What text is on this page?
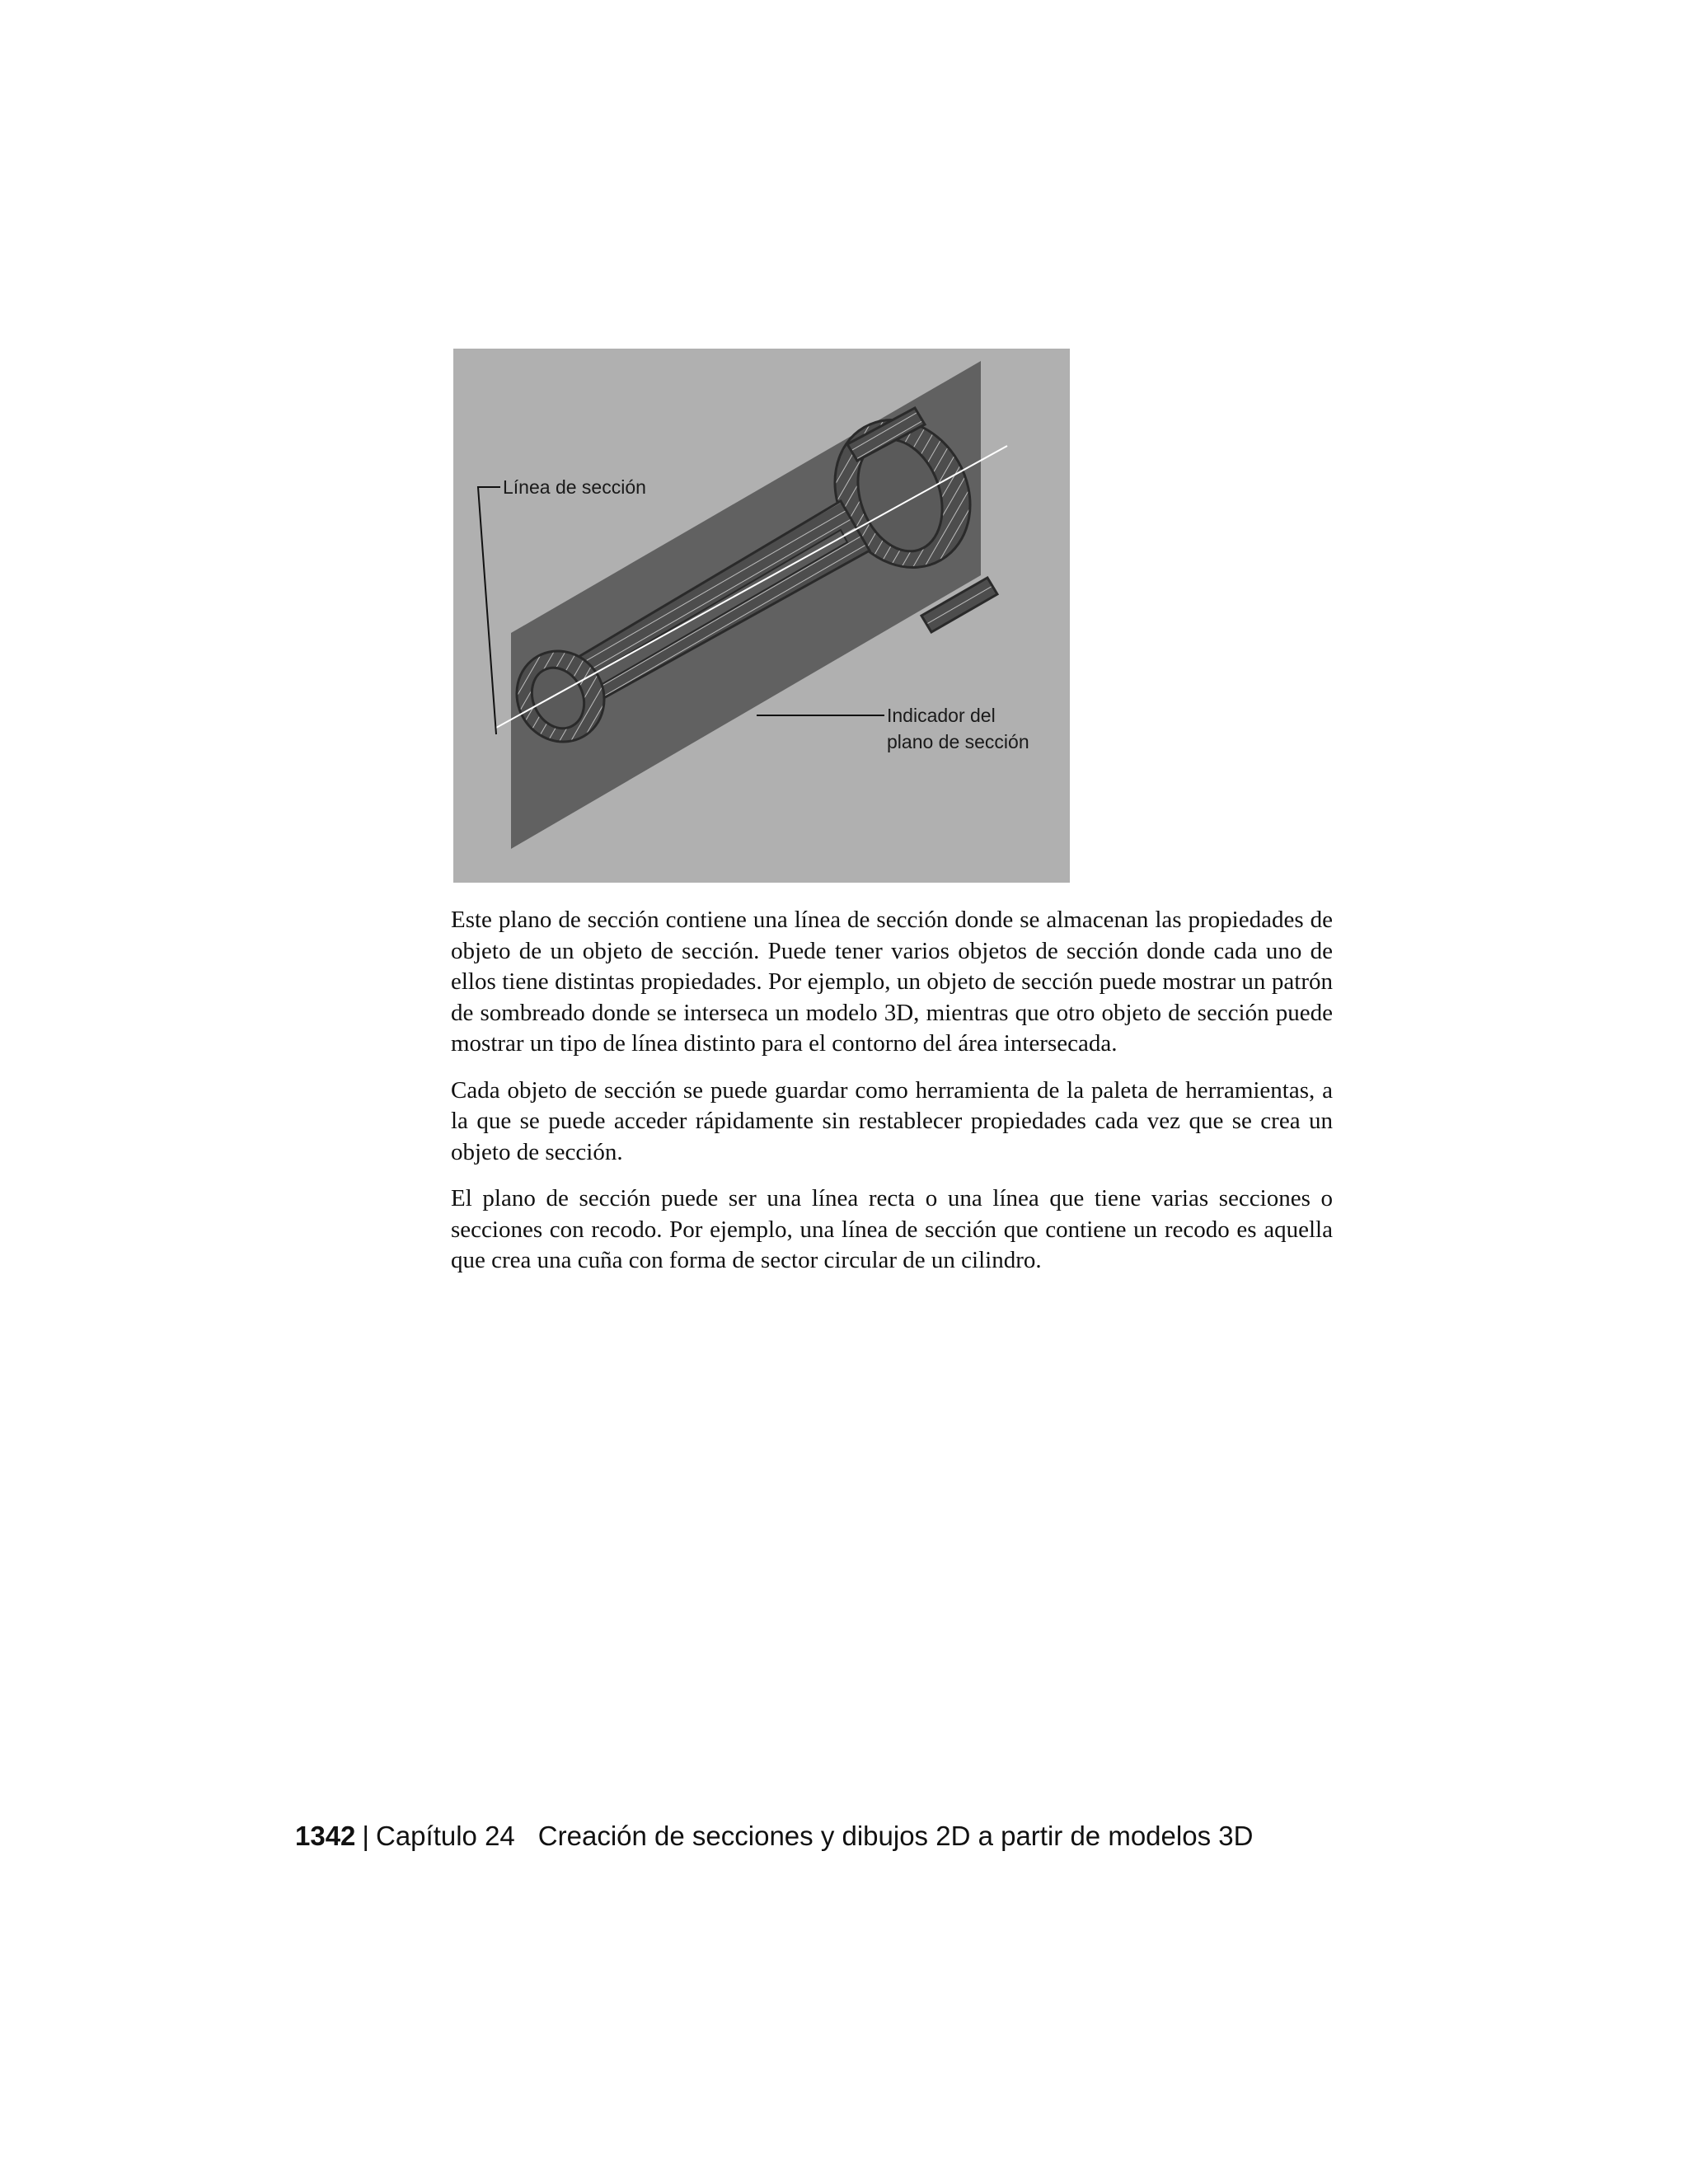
Línea de sección
Indicador del
plano de sección

Este plano de sección contiene una línea de sección donde se almacenan las propiedades de objeto de un objeto de sección. Puede tener varios objetos de sección donde cada uno de ellos tiene distintas propiedades. Por ejemplo, un objeto de sección puede mostrar un patrón de sombreado donde se interseca un modelo 3D, mientras que otro objeto de sección puede mostrar un tipo de línea distinto para el contorno del área intersecada.

Cada objeto de sección se puede guardar como herramienta de la paleta de herramientas, a la que se puede acceder rápidamente sin restablecer propiedades cada vez que se crea un objeto de sección.

El plano de sección puede ser una línea recta o una línea que tiene varias secciones o secciones con recodo. Por ejemplo, una línea de sección que contiene un recodo es aquella que crea una cuña con forma de sector circular de un cilindro.

1342 | Capítulo 24 Creación de secciones y dibujos 2D a partir de modelos 3D
